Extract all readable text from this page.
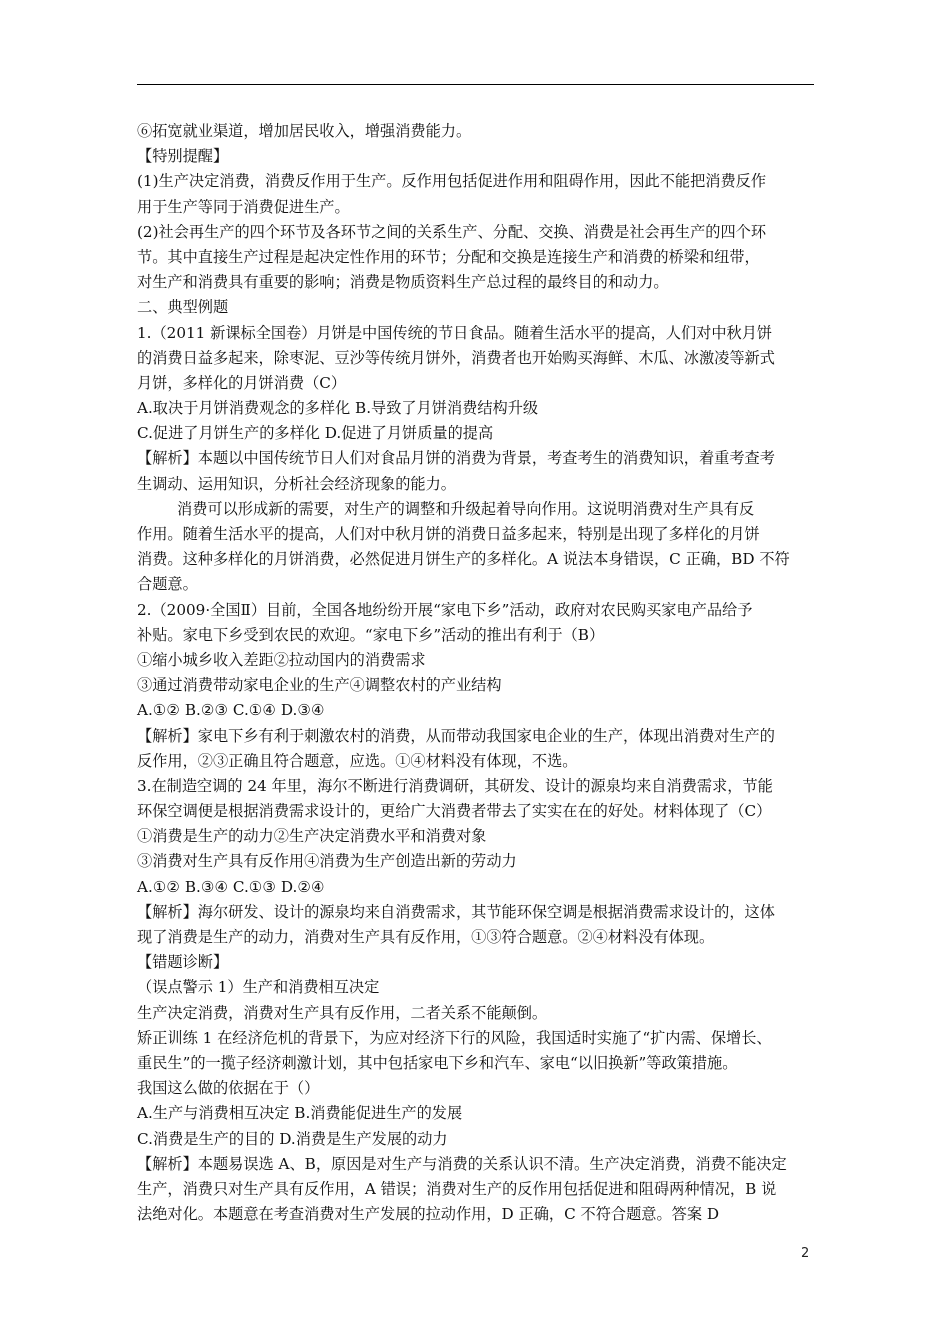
⑥拓宽就业渠道，增加居民收入，增强消费能力。
【特别提醒】
(1)生产决定消费，消费反作用于生产。反作用包括促进作用和阻碍作用，因此不能把消费反作
用于生产等同于消费促进生产。
(2)社会再生产的四个环节及各环节之间的关系生产、分配、交换、消费是社会再生产的四个环
节。其中直接生产过程是起决定性作用的环节；分配和交换是连接生产和消费的桥梁和纽带，
对生产和消费具有重要的影响；消费是物质资料生产总过程的最终目的和动力。
二、典型例题
1.（2011 新课标全国卷）月饼是中国传统的节日食品。随着生活水平的提高，人们对中秋月饼
的消费日益多起来，除枣泥、豆沙等传统月饼外，消费者也开始购买海鲜、木瓜、冰激凌等新式
月饼，多样化的月饼消费（C）
A.取决于月饼消费观念的多样化 B.导致了月饼消费结构升级
C.促进了月饼生产的多样化 D.促进了月饼质量的提高
【解析】本题以中国传统节日人们对食品月饼的消费为背景，考查考生的消费知识，着重考查考
生调动、运用知识，分析社会经济现象的能力。
消费可以形成新的需要，对生产的调整和升级起着导向作用。这说明消费对生产具有反
作用。随着生活水平的提高，人们对中秋月饼的消费日益多起来，特别是出现了多样化的月饼
消费。这种多样化的月饼消费，必然促进月饼生产的多样化。A 说法本身错误，C 正确，BD 不符
合题意。
2.（2009·全国Ⅱ）目前，全国各地纷纷开展“家电下乡”活动，政府对农民购买家电产品给予
补贴。家电下乡受到农民的欢迎。“家电下乡”活动的推出有利于（B）
①缩小城乡收入差距②拉动国内的消费需求
③通过消费带动家电企业的生产④调整农村的产业结构
A.①② B.②③ C.①④ D.③④
【解析】家电下乡有利于刺激农村的消费，从而带动我国家电企业的生产，体现出消费对生产的
反作用，②③正确且符合题意，应选。①④材料没有体现，不选。
3.在制造空调的 24 年里，海尔不断进行消费调研，其研发、设计的源泉均来自消费需求，节能
环保空调便是根据消费需求设计的，更给广大消费者带去了实实在在的好处。材料体现了（C）
①消费是生产的动力②生产决定消费水平和消费对象
③消费对生产具有反作用④消费为生产创造出新的劳动力
A.①② B.③④ C.①③ D.②④
【解析】海尔研发、设计的源泉均来自消费需求，其节能环保空调是根据消费需求设计的，这体
现了消费是生产的动力，消费对生产具有反作用，①③符合题意。②④材料没有体现。
【错题诊断】
（误点警示 1）生产和消费相互决定
生产决定消费，消费对生产具有反作用，二者关系不能颠倒。
矫正训练 1 在经济危机的背景下，为应对经济下行的风险，我国适时实施了“扩内需、保增长、
重民生”的一揽子经济刺激计划，其中包括家电下乡和汽车、家电“以旧换新”等政策措施。
我国这么做的依据在于（）
A.生产与消费相互决定 B.消费能促进生产的发展
C.消费是生产的目的 D.消费是生产发展的动力
【解析】本题易误选 A、B，原因是对生产与消费的关系认识不清。生产决定消费，消费不能决定
生产，消费只对生产具有反作用，A 错误；消费对生产的反作用包括促进和阻碍两种情况，B 说
法绝对化。本题意在考查消费对生产发展的拉动作用，D 正确，C 不符合题意。答案 D
2
